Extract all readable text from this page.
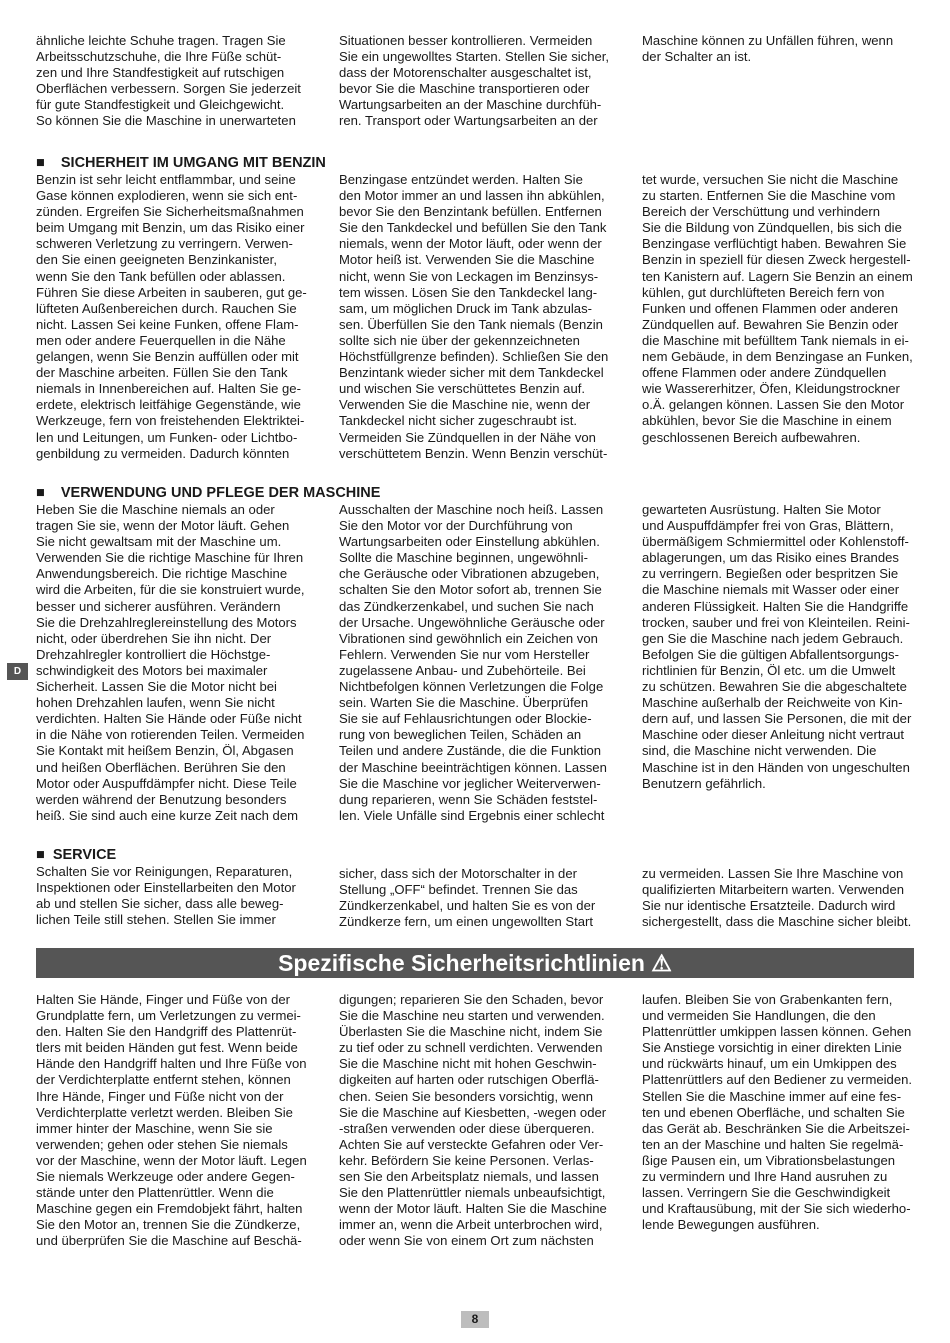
ähnliche leichte Schuhe tragen. Tragen Sie
Arbeitsschutzschuhe, die Ihre Füße schüt-
zen und Ihre Standfestigkeit auf rutschigen
Oberflächen verbessern. Sorgen Sie jederzeit
für gute Standfestigkeit und Gleichgewicht.
So können Sie die Maschine in unerwarteten
Situationen besser kontrollieren. Vermeiden
Sie ein ungewolltes Starten. Stellen Sie sicher,
dass der Motorenschalter ausgeschaltet ist,
bevor Sie die Maschine transportieren oder
Wartungsarbeiten an der Maschine durchfüh-
ren. Transport oder Wartungsarbeiten an der
Maschine können zu Unfällen führen, wenn
der Schalter an ist.
■    SICHERHEIT IM UMGANG MIT BENZIN
Benzin ist sehr leicht entflammbar, und seine
Gase können explodieren, wenn sie sich ent-
zünden. Ergreifen Sie Sicherheitsmaßnahmen
beim Umgang mit Benzin, um das Risiko einer
schweren Verletzung zu verringern. Verwen-
den Sie einen geeigneten Benzinkanister,
wenn Sie den Tank befüllen oder ablassen.
Führen Sie diese Arbeiten in sauberen, gut ge-
lüfteten Außenbereichen durch. Rauchen Sie
nicht. Lassen Sei keine Funken, offene Flam-
men oder andere Feuerquellen in die Nähe
gelangen, wenn Sie Benzin auffüllen oder mit
der Maschine arbeiten. Füllen Sie den Tank
niemals in Innenbereichen auf. Halten Sie ge-
erdete, elektrisch leitfähige Gegenstände, wie
Werkzeuge, fern von freistehenden Elektriktei-
len und Leitungen, um Funken- oder Lichtbo-
genbildung zu vermeiden. Dadurch könnten
Benzingase entzündet werden. Halten Sie
den Motor immer an und lassen ihn abkühlen,
bevor Sie den Benzintank befüllen. Entfernen
Sie den Tankdeckel und befüllen Sie den Tank
niemals, wenn der Motor läuft, oder wenn der
Motor heiß ist. Verwenden Sie die Maschine
nicht, wenn Sie von Leckagen im Benzinsys-
tem wissen. Lösen Sie den Tankdeckel lang-
sam, um möglichen Druck im Tank abzulas-
sen. Überfüllen Sie den Tank niemals (Benzin
sollte sich nie über der gekennzeichneten
Höchstfüllgrenze befinden). Schließen Sie den
Benzintank wieder sicher mit dem Tankdeckel
und wischen Sie verschüttetes Benzin auf.
Verwenden Sie die Maschine nie, wenn der
Tankdeckel nicht sicher zugeschraubt ist.
Vermeiden Sie Zündquellen in der Nähe von
verschüttetem Benzin. Wenn Benzin verschüt-
tet wurde, versuchen Sie nicht die Maschine
zu starten. Entfernen Sie die Maschine vom
Bereich der Verschüttung und verhindern
Sie die Bildung von Zündquellen, bis sich die
Benzingase verflüchtigt haben. Bewahren Sie
Benzin in speziell für diesen Zweck hergestell-
ten Kanistern auf. Lagern Sie Benzin an einem
kühlen, gut durchlüfteten Bereich fern von
Funken und offenen Flammen oder anderen
Zündquellen auf. Bewahren Sie Benzin oder
die Maschine mit befülltem Tank niemals in ei-
nem Gebäude, in dem Benzingase an Funken,
offene Flammen oder andere Zündquellen
wie Wassererhitzer, Öfen, Kleidungstrockner
o.Ä. gelangen können. Lassen Sie den Motor
abkühlen, bevor Sie die Maschine in einem
geschlossenen Bereich aufbewahren.
■    VERWENDUNG UND PFLEGE DER MASCHINE
Heben Sie die Maschine niemals an oder
tragen Sie sie, wenn der Motor läuft. Gehen
Sie nicht gewaltsam mit der Maschine um.
Verwenden Sie die richtige Maschine für Ihren
Anwendungsbereich. Die richtige Maschine
wird die Arbeiten, für die sie konstruiert wurde,
besser und sicherer ausführen. Verändern
Sie die Drehzahlreglereinstellung des Motors
nicht, oder überdrehen Sie ihn nicht. Der
Drehzahlregler kontrolliert die Höchstge-
schwindigkeit des Motors bei maximaler
Sicherheit. Lassen Sie die Motor nicht bei
hohen Drehzahlen laufen, wenn Sie nicht
verdichten. Halten Sie Hände oder Füße nicht
in die Nähe von rotierenden Teilen. Vermeiden
Sie Kontakt mit heißem Benzin, Öl, Abgasen
und heißen Oberflächen. Berühren Sie den
Motor oder Auspuffdämpfer nicht. Diese Teile
werden während der Benutzung besonders
heiß. Sie sind auch eine kurze Zeit nach dem
Ausschalten der Maschine noch heiß. Lassen
Sie den Motor vor der Durchführung von
Wartungsarbeiten oder Einstellung abkühlen.
Sollte die Maschine beginnen, ungewöhnli-
che Geräusche oder Vibrationen abzugeben,
schalten Sie den Motor sofort ab, trennen Sie
das Zündkerzenkabel, und suchen Sie nach
der Ursache. Ungewöhnliche Geräusche oder
Vibrationen sind gewöhnlich ein Zeichen von
Fehlern. Verwenden Sie nur vom Hersteller
zugelassene Anbau- und Zubehörteile. Bei
Nichtbefolgen können Verletzungen die Folge
sein. Warten Sie die Maschine. Überprüfen
Sie sie auf Fehlausrichtungen oder Blockie-
rung von beweglichen Teilen, Schäden an
Teilen und andere Zustände, die die Funktion
der Maschine beeinträchtigen können. Lassen
Sie die Maschine vor jeglicher Weiterverwen-
dung reparieren, wenn Sie Schäden feststel-
len. Viele Unfälle sind Ergebnis einer schlecht
gewarteten Ausrüstung. Halten Sie Motor
und Auspuffdämpfer frei von Gras, Blättern,
übermäßigem Schmiermittel oder Kohlenstoff-
ablagerungen, um das Risiko eines Brandes
zu verringern. Begießen oder bespritzen Sie
die Maschine niemals mit Wasser oder einer
anderen Flüssigkeit. Halten Sie die Handgriffe
trocken, sauber und frei von Kleinteilen. Reini-
gen Sie die Maschine nach jedem Gebrauch.
Befolgen Sie die gültigen Abfallentsorgungs-
richtlinien für Benzin, Öl etc. um die Umwelt
zu schützen. Bewahren Sie die abgeschaltete
Maschine außerhalb der Reichweite von Kin-
dern auf, und lassen Sie Personen, die mit der
Maschine oder dieser Anleitung nicht vertraut
sind, die Maschine nicht verwenden. Die
Maschine ist in den Händen von ungeschulten
Benutzern gefährlich.
■  SERVICE
Schalten Sie vor Reinigungen, Reparaturen,
Inspektionen oder Einstellarbeiten den Motor
ab und stellen Sie sicher, dass alle beweg-
lichen Teile still stehen. Stellen Sie immer
sicher, dass sich der Motorschalter in der
Stellung „OFF“ befindet. Trennen Sie das
Zündkerzenkabel, und halten Sie es von der
Zündkerze fern, um einen ungewollten Start
zu vermeiden. Lassen Sie Ihre Maschine von
qualifizierten Mitarbeitern warten. Verwenden
Sie nur identische Ersatzteile. Dadurch wird
sichergestellt, dass die Maschine sicher bleibt.
Spezifische Sicherheitsrichtlinien ⚠
Halten Sie Hände, Finger und Füße von der
Grundplatte fern, um Verletzungen zu vermei-
den. Halten Sie den Handgriff des Plattenrüt-
tlers mit beiden Händen gut fest. Wenn beide
Hände den Handgriff halten und Ihre Füße von
der Verdichterplatte entfernt stehen, können
Ihre Hände, Finger und Füße nicht von der
Verdichterplatte verletzt werden. Bleiben Sie
immer hinter der Maschine, wenn Sie sie
verwenden; gehen oder stehen Sie niemals
vor der Maschine, wenn der Motor läuft. Legen
Sie niemals Werkzeuge oder andere Gegen-
stände unter den Plattenrüttler. Wenn die
Maschine gegen ein Fremdobjekt fährt, halten
Sie den Motor an, trennen Sie die Zündkerze,
und überprüfen Sie die Maschine auf Beschä-
digungen; reparieren Sie den Schaden, bevor
Sie die Maschine neu starten und verwenden.
Überlasten Sie die Maschine nicht, indem Sie
zu tief oder zu schnell verdichten. Verwenden
Sie die Maschine nicht mit hohen Geschwin-
digkeiten auf harten oder rutschigen Oberflä-
chen. Seien Sie besonders vorsichtig, wenn
Sie die Maschine auf Kiesbetten, -wegen oder
-straßen verwenden oder diese überqueren.
Achten Sie auf versteckte Gefahren oder Ver-
kehr. Befördern Sie keine Personen. Verlas-
sen Sie den Arbeitsplatz niemals, und lassen
Sie den Plattenrüttler niemals unbeaufsichtigt,
wenn der Motor läuft. Halten Sie die Maschine
immer an, wenn die Arbeit unterbrochen wird,
oder wenn Sie von einem Ort zum nächsten
laufen. Bleiben Sie von Grabenkanten fern,
und vermeiden Sie Handlungen, die den
Plattenrüttler umkippen lassen können. Gehen
Sie Anstiege vorsichtig in einer direkten Linie
und rückwärts hinauf, um ein Umkippen des
Plattenrüttlers auf den Bediener zu vermeiden.
Stellen Sie die Maschine immer auf eine fes-
ten und ebenen Oberfläche, und schalten Sie
das Gerät ab. Beschränken Sie die Arbeitszei-
ten an der Maschine und halten Sie regelmä-
ßige Pausen ein, um Vibrationsbelastungen
zu vermindern und Ihre Hand ausruhen zu
lassen. Verringern Sie die Geschwindigkeit
und Kraftausübung, mit der Sie sich wiederho-
lende Bewegungen ausführen.
D
8
